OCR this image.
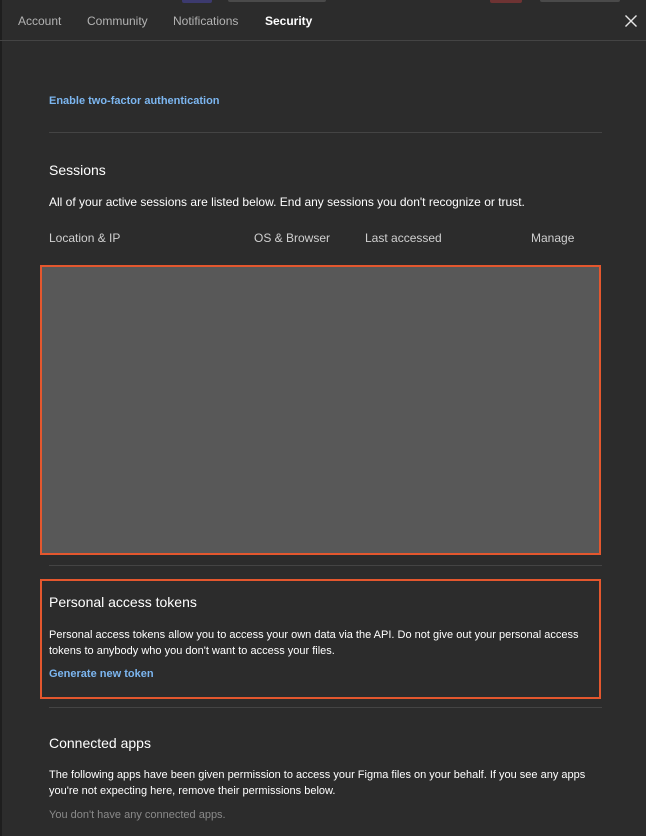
Account Community Notifications Security
Enable two-factor authentication
Sessions
All of your active sessions are listed below. End any sessions you don't recognize or trust.
Location & IP	OS & Browser	Last accessed	Manage
Personal access tokens
Personal access tokens allow you to access your own data via the API. Do not give out your personal access tokens to anybody who you don't want to access your files.
Generate new token
Connected apps
The following apps have been given permission to access your Figma files on your behalf. If you see any apps you're not expecting here, remove their permissions below.
You don't have any connected apps.
